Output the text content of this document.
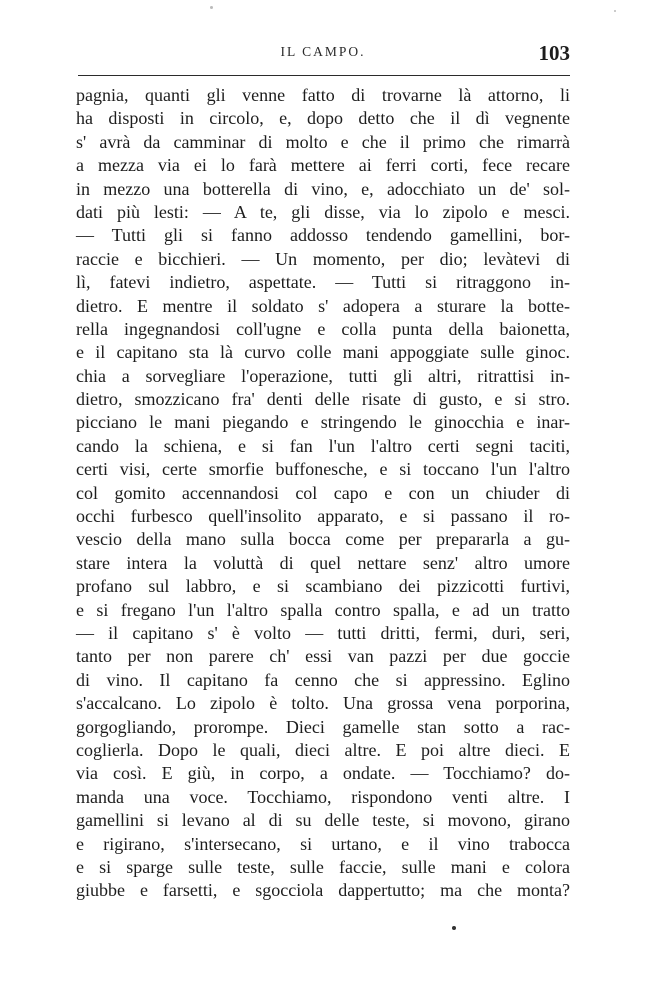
IL CAMPO.	103
pagnia, quanti gli venne fatto di trovarne là attorno, li
ha disposti in circolo, e, dopo detto che il dì vegnente
s' avrà da camminar di molto e che il primo che rimarrà
a mezza via ei lo farà mettere ai ferri corti, fece recare
in mezzo una botterella di vino, e, adocchiato un de' sol-
dati più lesti: — A te, gli disse, via lo zipolo e mesci.
— Tutti gli si fanno addosso tendendo gamellini, bor-
raccie e bicchieri. — Un momento, per dio; levàtevi di
lì, fatevi indietro, aspettate. — Tutti si ritraggono in-
dietro. E mentre il soldato s' adopera a sturare la botte-
rella ingegnandosi coll'ugne e colla punta della baionetta,
e il capitano sta là curvo colle mani appoggiate sulle ginoc.
chia a sorvegliare l'operazione, tutti gli altri, ritrattisi in-
dietro, smozzicano fra' denti delle risate di gusto, e si stro.
picciano le mani piegando e stringendo le ginocchia e inar-
cando la schiena, e si fan l'un l'altro certi segni taciti,
certi visi, certe smorfie buffonesche, e si toccano l'un l'altro
col gomito accennandosi col capo e con un chiuder di
occhi furbesco quell'insolito apparato, e si passano il ro-
vescio della mano sulla bocca come per prepararla a gu-
stare intera la voluttà di quel nettare senz' altro umore
profano sul labbro, e si scambiano dei pizzicotti furtivi,
e si fregano l'un l'altro spalla contro spalla, e ad un tratto
— il capitano s' è volto — tutti dritti, fermi, duri, seri,
tanto per non parere ch' essi van pazzi per due goccie
di vino. Il capitano fa cenno che si appressino. Eglino
s'accalcano. Lo zipolo è tolto. Una grossa vena porporina,
gorgogliando, prorompe. Dieci gamelle stan sotto a rac-
coglierla. Dopo le quali, dieci altre. E poi altre dieci. E
via così. E giù, in corpo, a ondate. — Tocchiamo? do-
manda una voce. Tocchiamo, rispondono venti altre. I
gamellini si levano al di su delle teste, si movono, girano
e rigirano, s'intersecano, si urtano, e il vino trabocca
e si sparge sulle teste, sulle faccie, sulle mani e colora
giubbe e farsetti, e sgocciola dappertutto; ma che monta?
